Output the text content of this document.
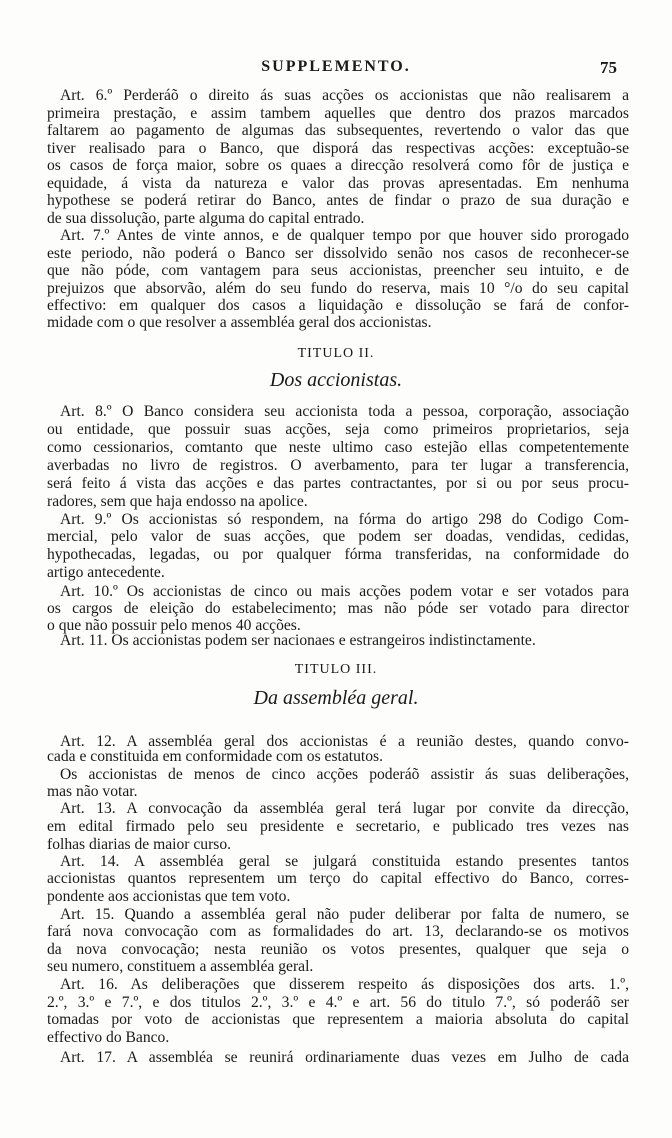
SUPPLEMENTO.	75
Art. 6.º Perderáõ o direito ás suas acções os accionistas que não realisarem a
primeira prestação, e assim tambem aquelles que dentro dos prazos marcados
faltarem ao pagamento de algumas das subsequentes, revertendo o valor das que
tiver realisado para o Banco, que disporá das respectivas acções: exceptuão-se
os casos de força maior, sobre os quaes a direcção resolverá como fôr de justiça e
equidade, á vista da natureza e valor das provas apresentadas. Em nenhuma
hypothese se poderá retirar do Banco, antes de findar o prazo de sua duração e
de sua dissolução, parte alguma do capital entrado.
Art. 7.º Antes de vinte annos, e de qualquer tempo por que houver sido prorogado
este periodo, não poderá o Banco ser dissolvido senão nos casos de reconhecer-se
que não póde, com vantagem para seus accionistas, preencher seu intuito, e de
prejuizos que absorvão, além do seu fundo do reserva, mais 10 °/o do seu capital
effectivo: em qualquer dos casos a liquidação e dissolução se fará de confor-
midade com o que resolver a assembléa geral dos accionistas.
TITULO II.
Dos accionistas.
Art. 8.º O Banco considera seu accionista toda a pessoa, corporação, associação
ou entidade, que possuir suas acções, seja como primeiros proprietarios, seja
como cessionarios, comtanto que neste ultimo caso estejão ellas competentemente
averbadas no livro de registros. O averbamento, para ter lugar a transferencia,
será feito á vista das acções e das partes contractantes, por si ou por seus procu-
radores, sem que haja endosso na apolice.
Art. 9.º Os accionistas só respondem, na fórma do artigo 298 do Codigo Com-
mercial, pelo valor de suas acções, que podem ser doadas, vendidas, cedidas,
hypothecadas, legadas, ou por qualquer fórma transferidas, na conformidade do
artigo antecedente.
Art. 10.º Os accionistas de cinco ou mais acções podem votar e ser votados para
os cargos de eleição do estabelecimento; mas não póde ser votado para director
o que não possuir pelo menos 40 acções.
Art. 11. Os accionistas podem ser nacionaes e estrangeiros indistinctamente.
TITULO III.
Da assembléa geral.
Art. 12. A assembléa geral dos accionistas é a reunião destes, quando convo-
cada e constituida em conformidade com os estatutos.
Os accionistas de menos de cinco acções poderáõ assistir ás suas deliberações,
mas não votar.
Art. 13. A convocação da assembléa geral terá lugar por convite da direcção,
em edital firmado pelo seu presidente e secretario, e publicado tres vezes nas
folhas diarias de maior curso.
Art. 14. A assembléa geral se julgará constituida estando presentes tantos
accionistas quantos representem um terço do capital effectivo do Banco, corres-
pondente aos accionistas que tem voto.
Art. 15. Quando a assembléa geral não puder deliberar por falta de numero, se
fará nova convocação com as formalidades do art. 13, declarando-se os motivos
da nova convocação; nesta reunião os votos presentes, qualquer que seja o
seu numero, constituem a assembléa geral.
Art. 16. As deliberações que disserem respeito ás disposições dos arts. 1.º,
2.º, 3.º e 7.º, e dos titulos 2.º, 3.º e 4.º e art. 56 do titulo 7.º, só poderáõ ser
tomadas por voto de accionistas que representem a maioria absoluta do capital
effectivo do Banco.
Art. 17. A assembléa se reunirá ordinariamente duas vezes em Julho de cada
